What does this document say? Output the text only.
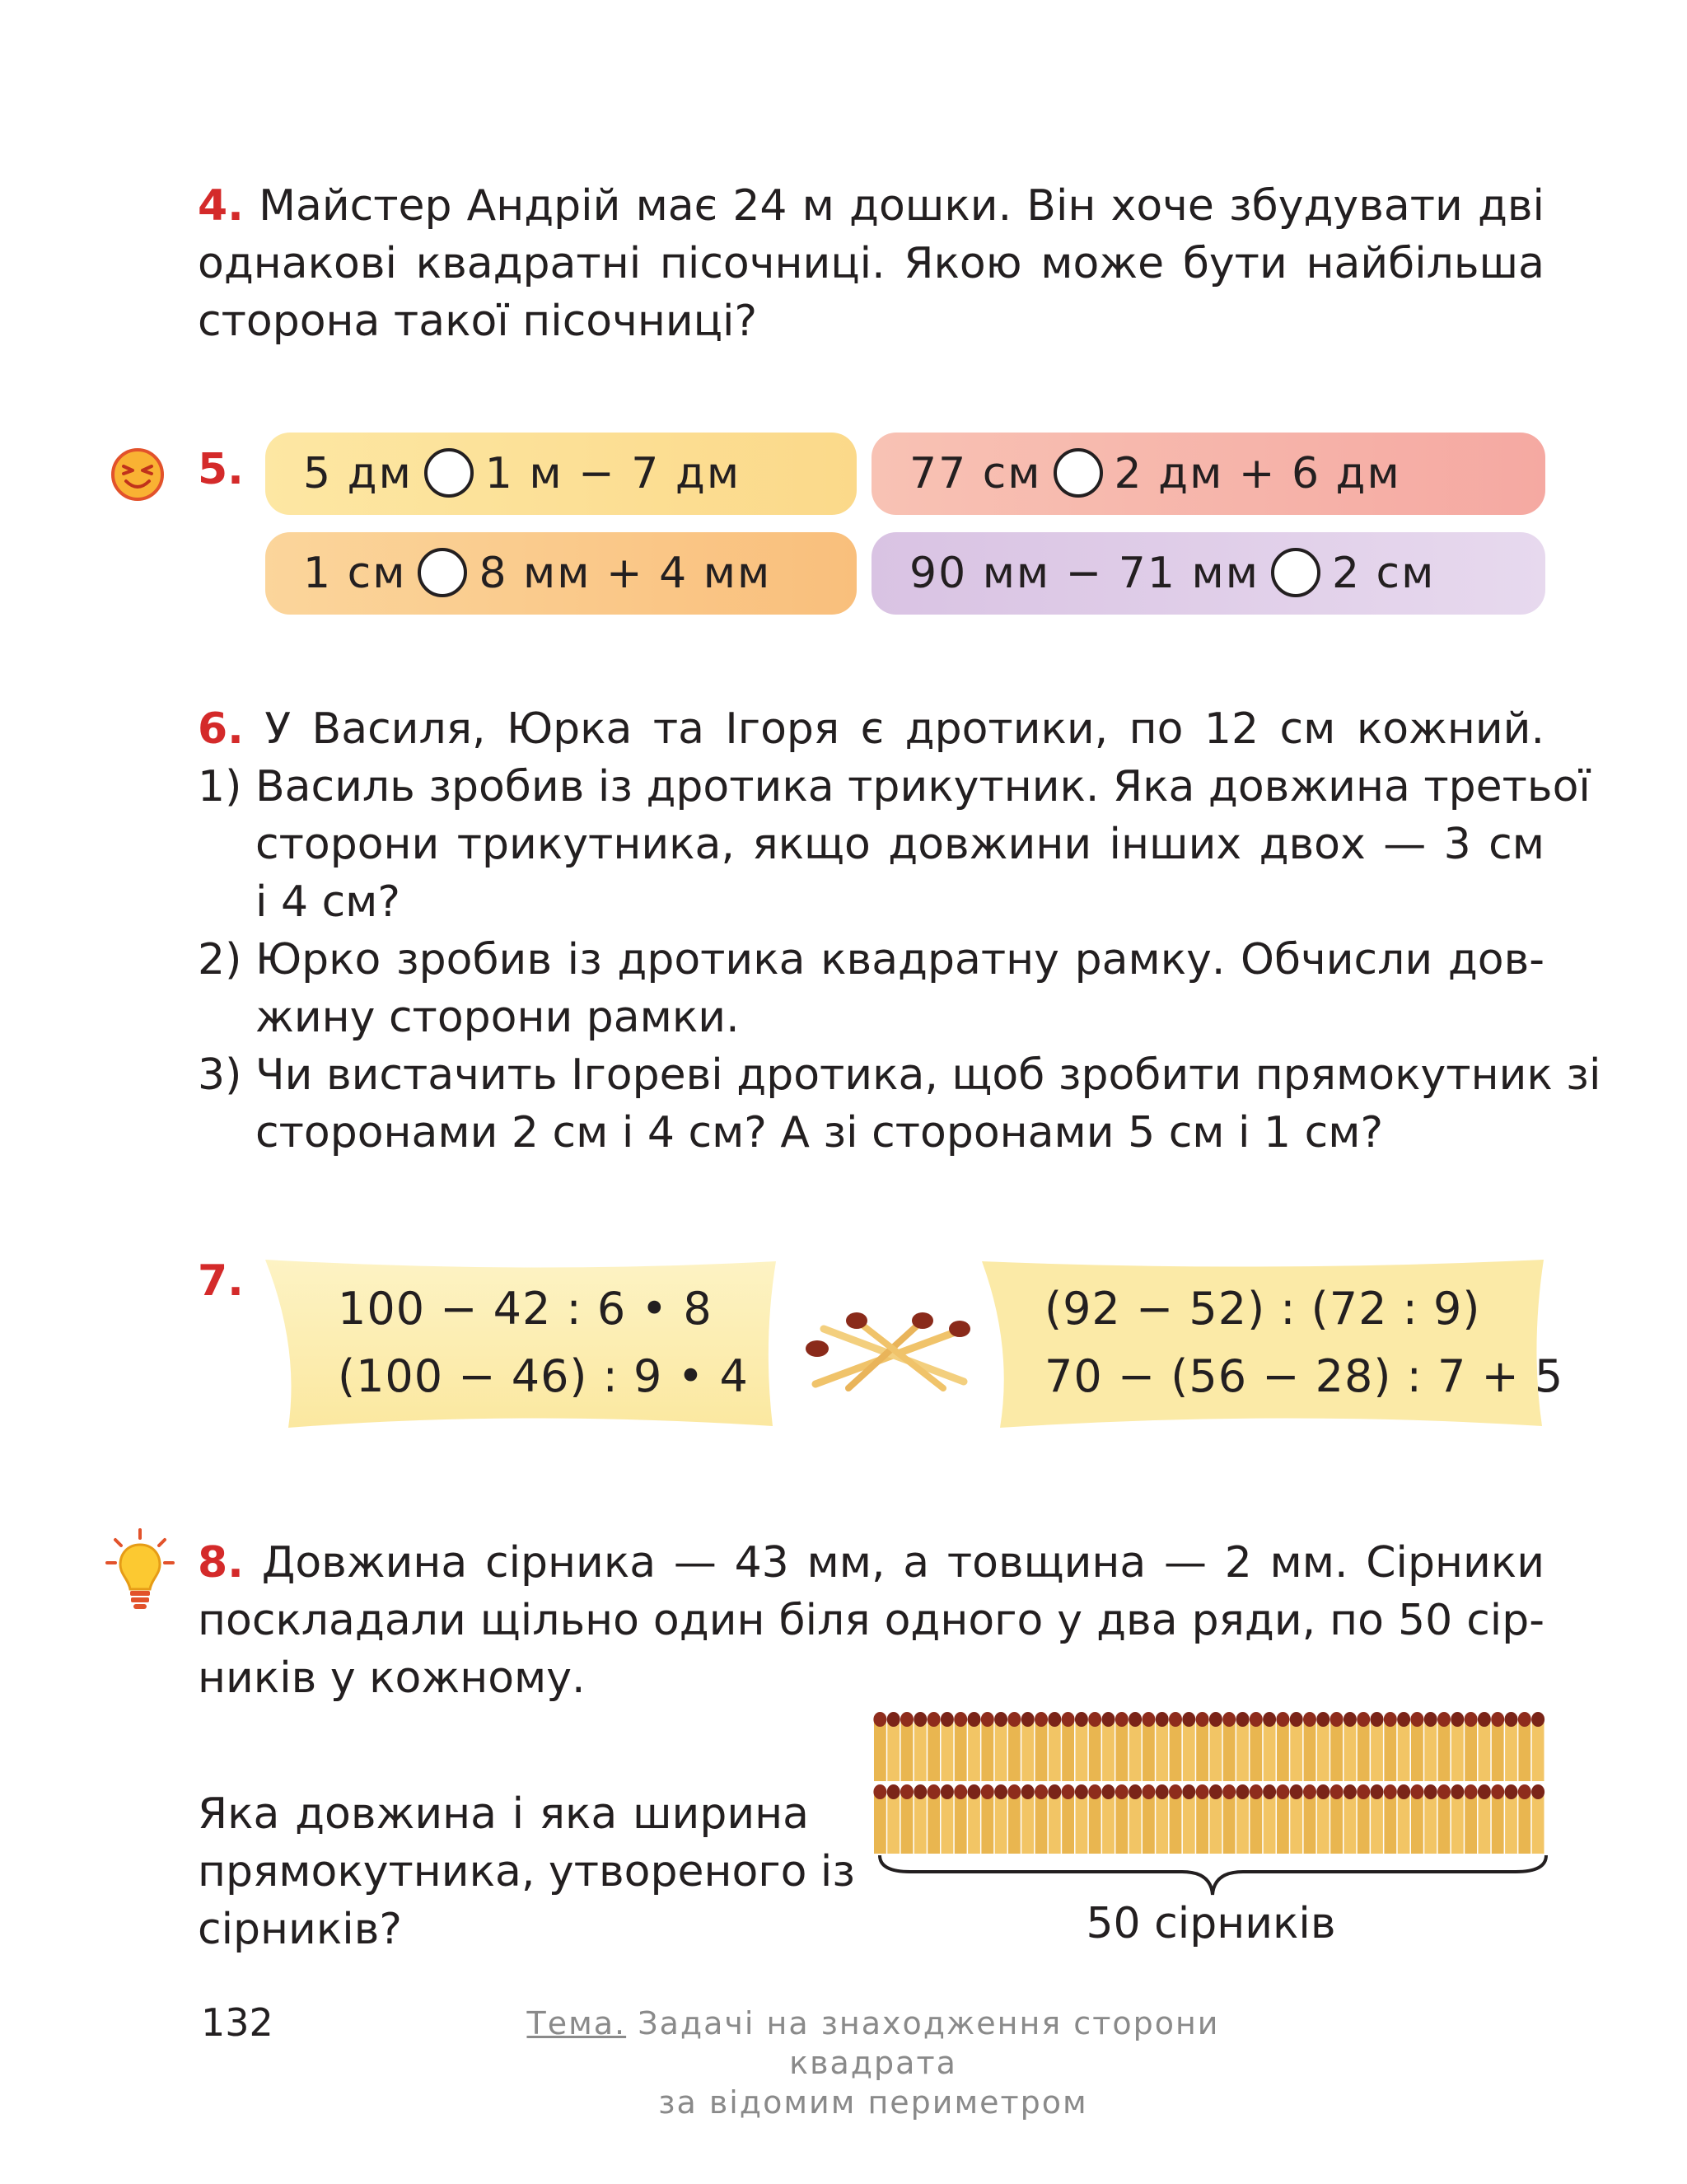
4. Майстер Андрій має 24 м дошки. Він хоче збудувати дві
однакові квадратні пісочниці. Якою може бути найбільша
сторона такої пісочниці?
5.	5 дм 1 м − 7 дм	77 см 2 дм + 6 дм
1 см 8 мм + 4 мм	90 мм − 71 мм 2 см
6. У Василя, Юрка та Ігоря є дротики, по 12 см кожний.
1) Василь зробив із дротика трикутник. Яка довжина третьої
сторони трикутника, якщо довжини інших двох — 3 см
і 4 см?
2) Юрко зробив із дротика квадратну рамку. Обчисли дов-
жину сторони рамки.
3) Чи вистачить Ігореві дротика, щоб зробити прямокутник зі
сторонами 2 см і 4 см? А зі сторонами 5 см і 1 см?
7.
100 − 42 : 6 • 8
(100 − 46) : 9 • 4
(92 − 52) : (72 : 9)
70 − (56 − 28) : 7 + 5
8. Довжина сірника — 43 мм, а товщина — 2 мм. Сірники
поскладали щільно один біля одного у два ряди, по 50 сір-
ників у кожному.
Яка довжина і яка ширина
прямокутника, утвореного із
сірників?	50 сірників
132	Тема. Задачі на знаходження сторони квадрата
за відомим периметром
